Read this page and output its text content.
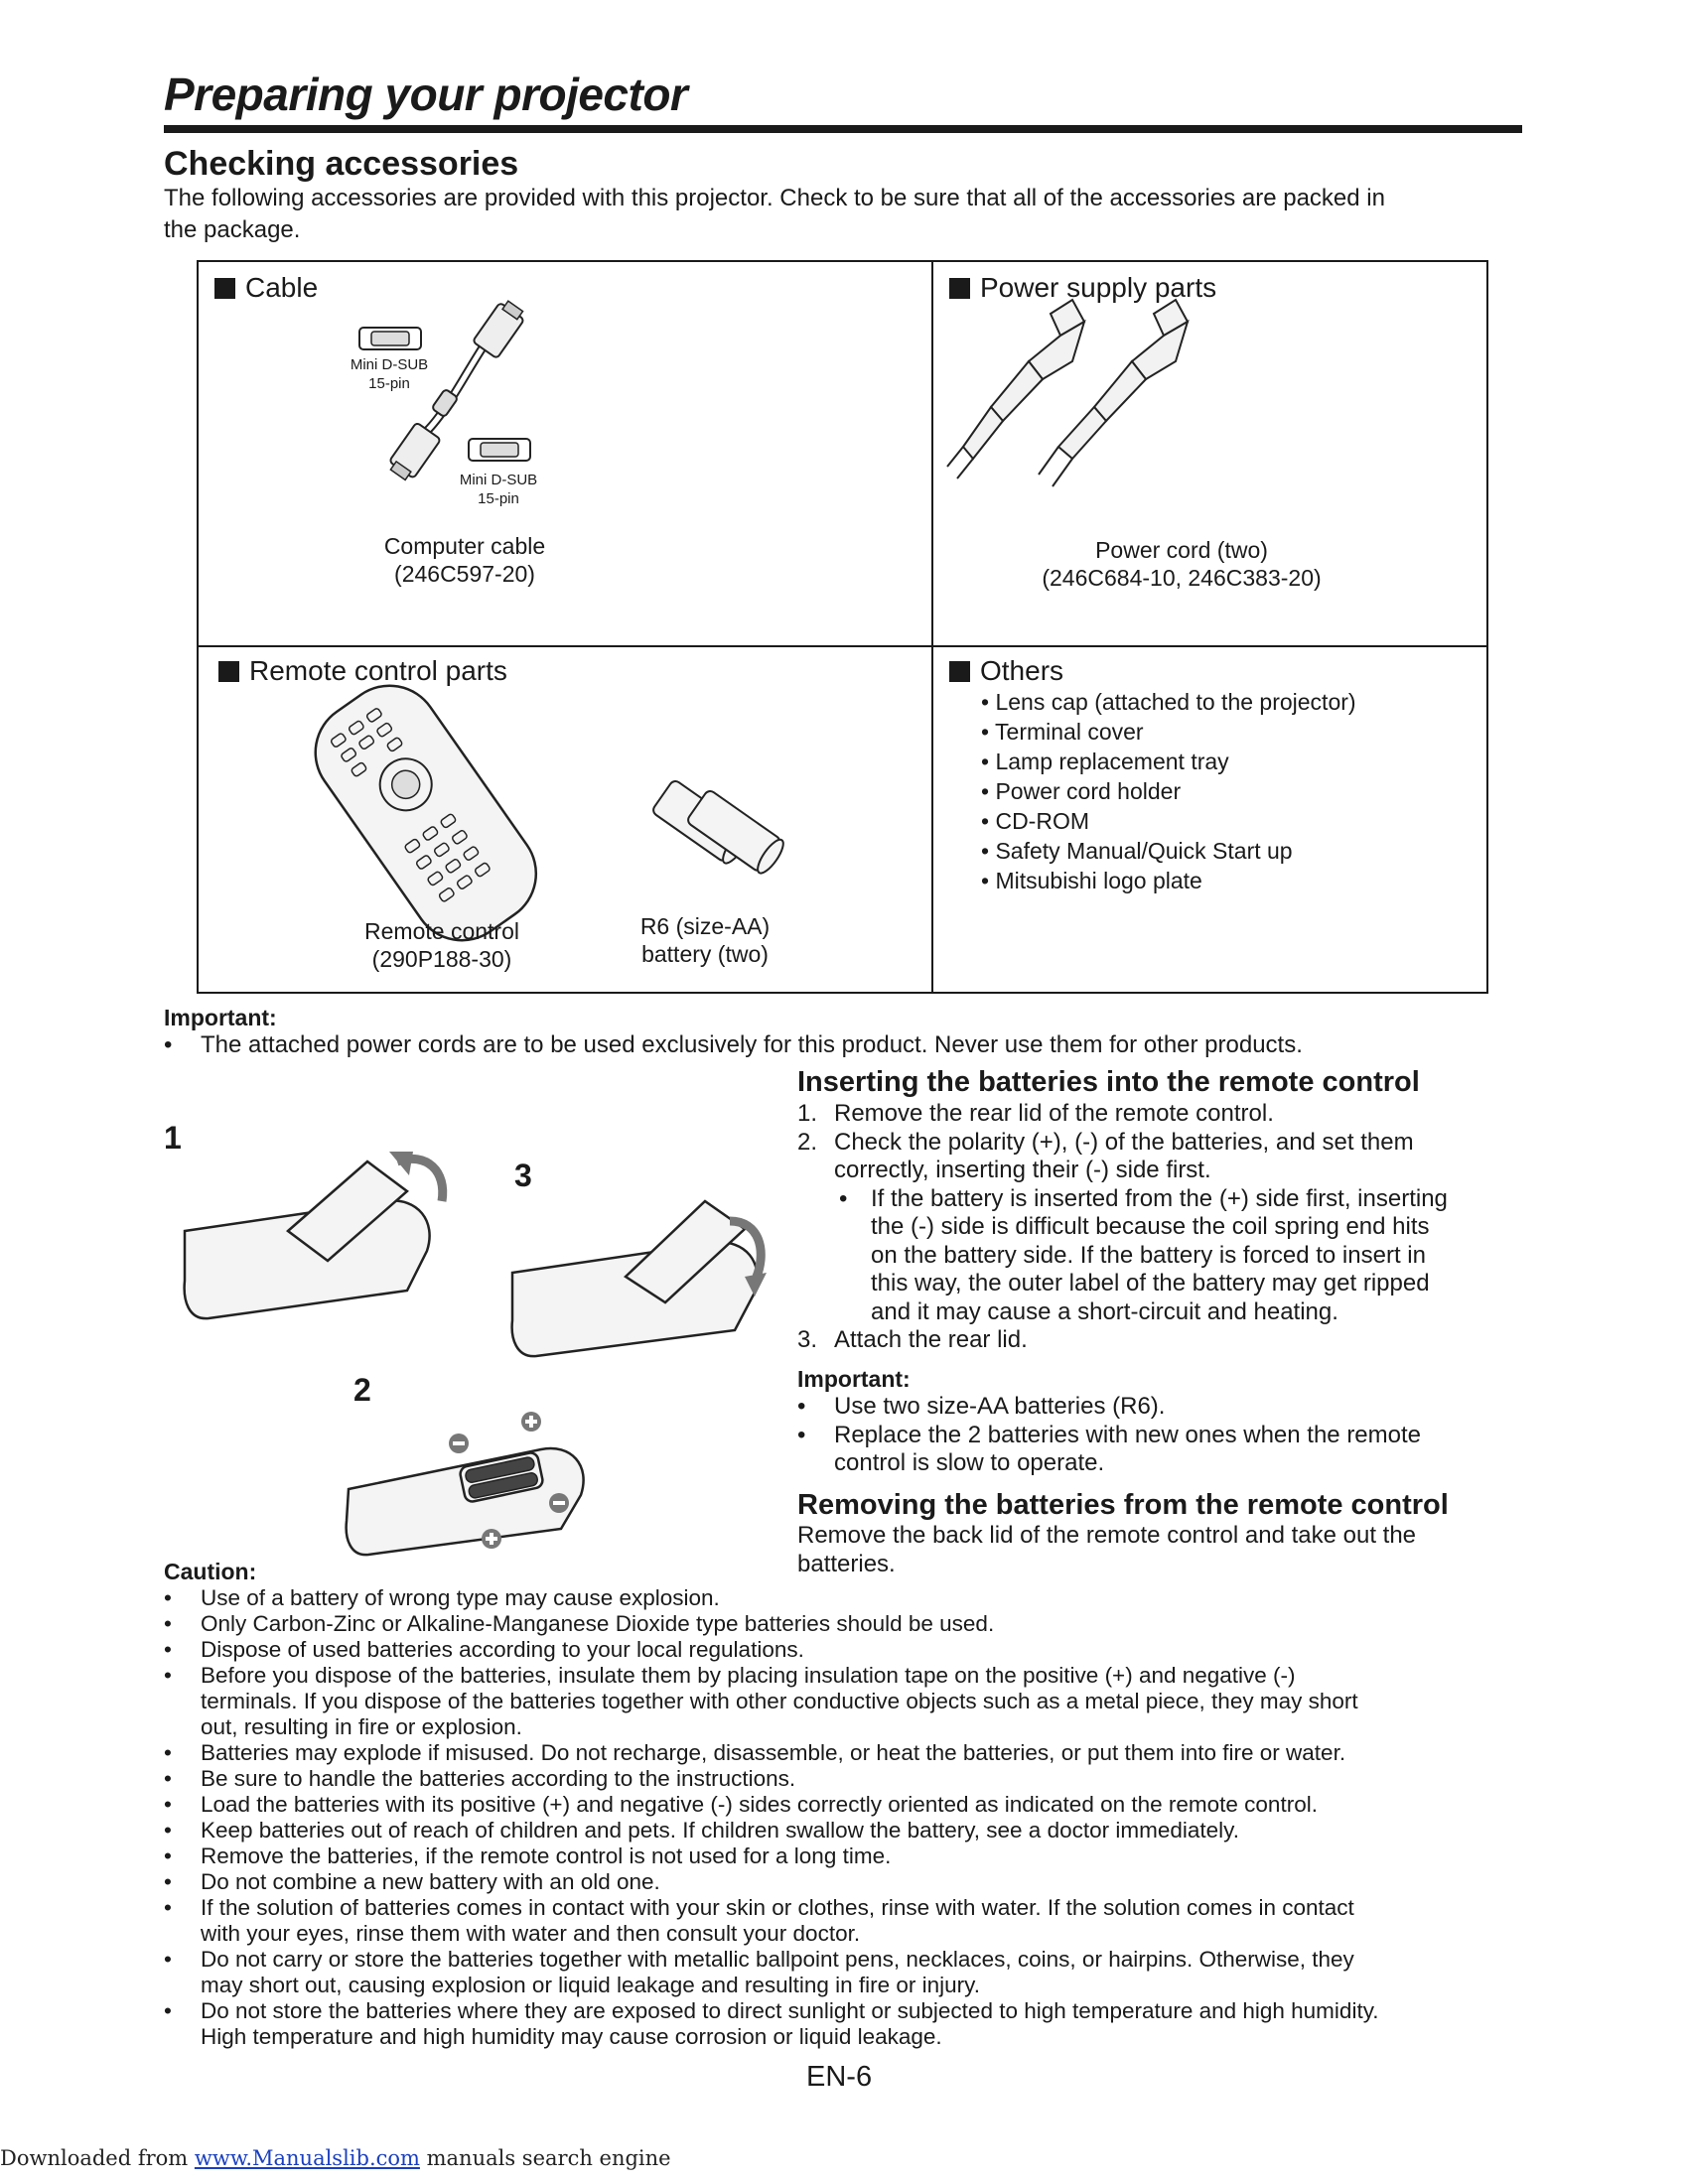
Preparing your projector
Checking accessories
The following accessories are provided with this projector. Check to be sure that all of the accessories are packed in
the package.
Cable
Mini D-SUB
15-pin
Mini D-SUB
15-pin
Computer cable
(246C597-20)
Power supply parts
Power cord (two)
(246C684-10, 246C383-20)
Remote control parts
Remote control
(290P188-30)
R6 (size-AA)
battery (two)
Others
• Lens cap (attached to the projector)
• Terminal cover
• Lamp replacement tray
• Power cord holder
• CD-ROM
• Safety Manual/Quick Start up
• Mitsubishi logo plate
Important:
• The attached power cords are to be used exclusively for this product. Never use them for other products.
1
3
2
Inserting the batteries into the remote control
1. Remove the rear lid of the remote control.
2. Check the polarity (+), (-) of the batteries, and set them
correctly, inserting their (-) side first.
• If the battery is inserted from the (+) side first, inserting
the (-) side is difficult because the coil spring end hits
on the battery side. If the battery is forced to insert in
this way, the outer label of the battery may get ripped
and it may cause a short-circuit and heating.
3. Attach the rear lid.
Important:
• Use two size-AA batteries (R6).
• Replace the 2 batteries with new ones when the remote
control is slow to operate.
Removing the batteries from the remote control
Remove the back lid of the remote control and take out the
batteries.
Caution:
• Use of a battery of wrong type may cause explosion.
• Only Carbon-Zinc or Alkaline-Manganese Dioxide type batteries should be used.
• Dispose of used batteries according to your local regulations.
• Before you dispose of the batteries, insulate them by placing insulation tape on the positive (+) and negative (-)
terminals. If you dispose of the batteries together with other conductive objects such as a metal piece, they may short
out, resulting in fire or explosion.
• Batteries may explode if misused. Do not recharge, disassemble, or heat the batteries, or put them into fire or water.
• Be sure to handle the batteries according to the instructions.
• Load the batteries with its positive (+) and negative (-) sides correctly oriented as indicated on the remote control.
• Keep batteries out of reach of children and pets. If children swallow the battery, see a doctor immediately.
• Remove the batteries, if the remote control is not used for a long time.
• Do not combine a new battery with an old one.
• If the solution of batteries comes in contact with your skin or clothes, rinse with water. If the solution comes in contact
with your eyes, rinse them with water and then consult your doctor.
• Do not carry or store the batteries together with metallic ballpoint pens, necklaces, coins, or hairpins. Otherwise, they
may short out, causing explosion or liquid leakage and resulting in fire or injury.
• Do not store the batteries where they are exposed to direct sunlight or subjected to high temperature and high humidity.
High temperature and high humidity may cause corrosion or liquid leakage.
EN-6
Downloaded from www.Manualslib.com manuals search engine
